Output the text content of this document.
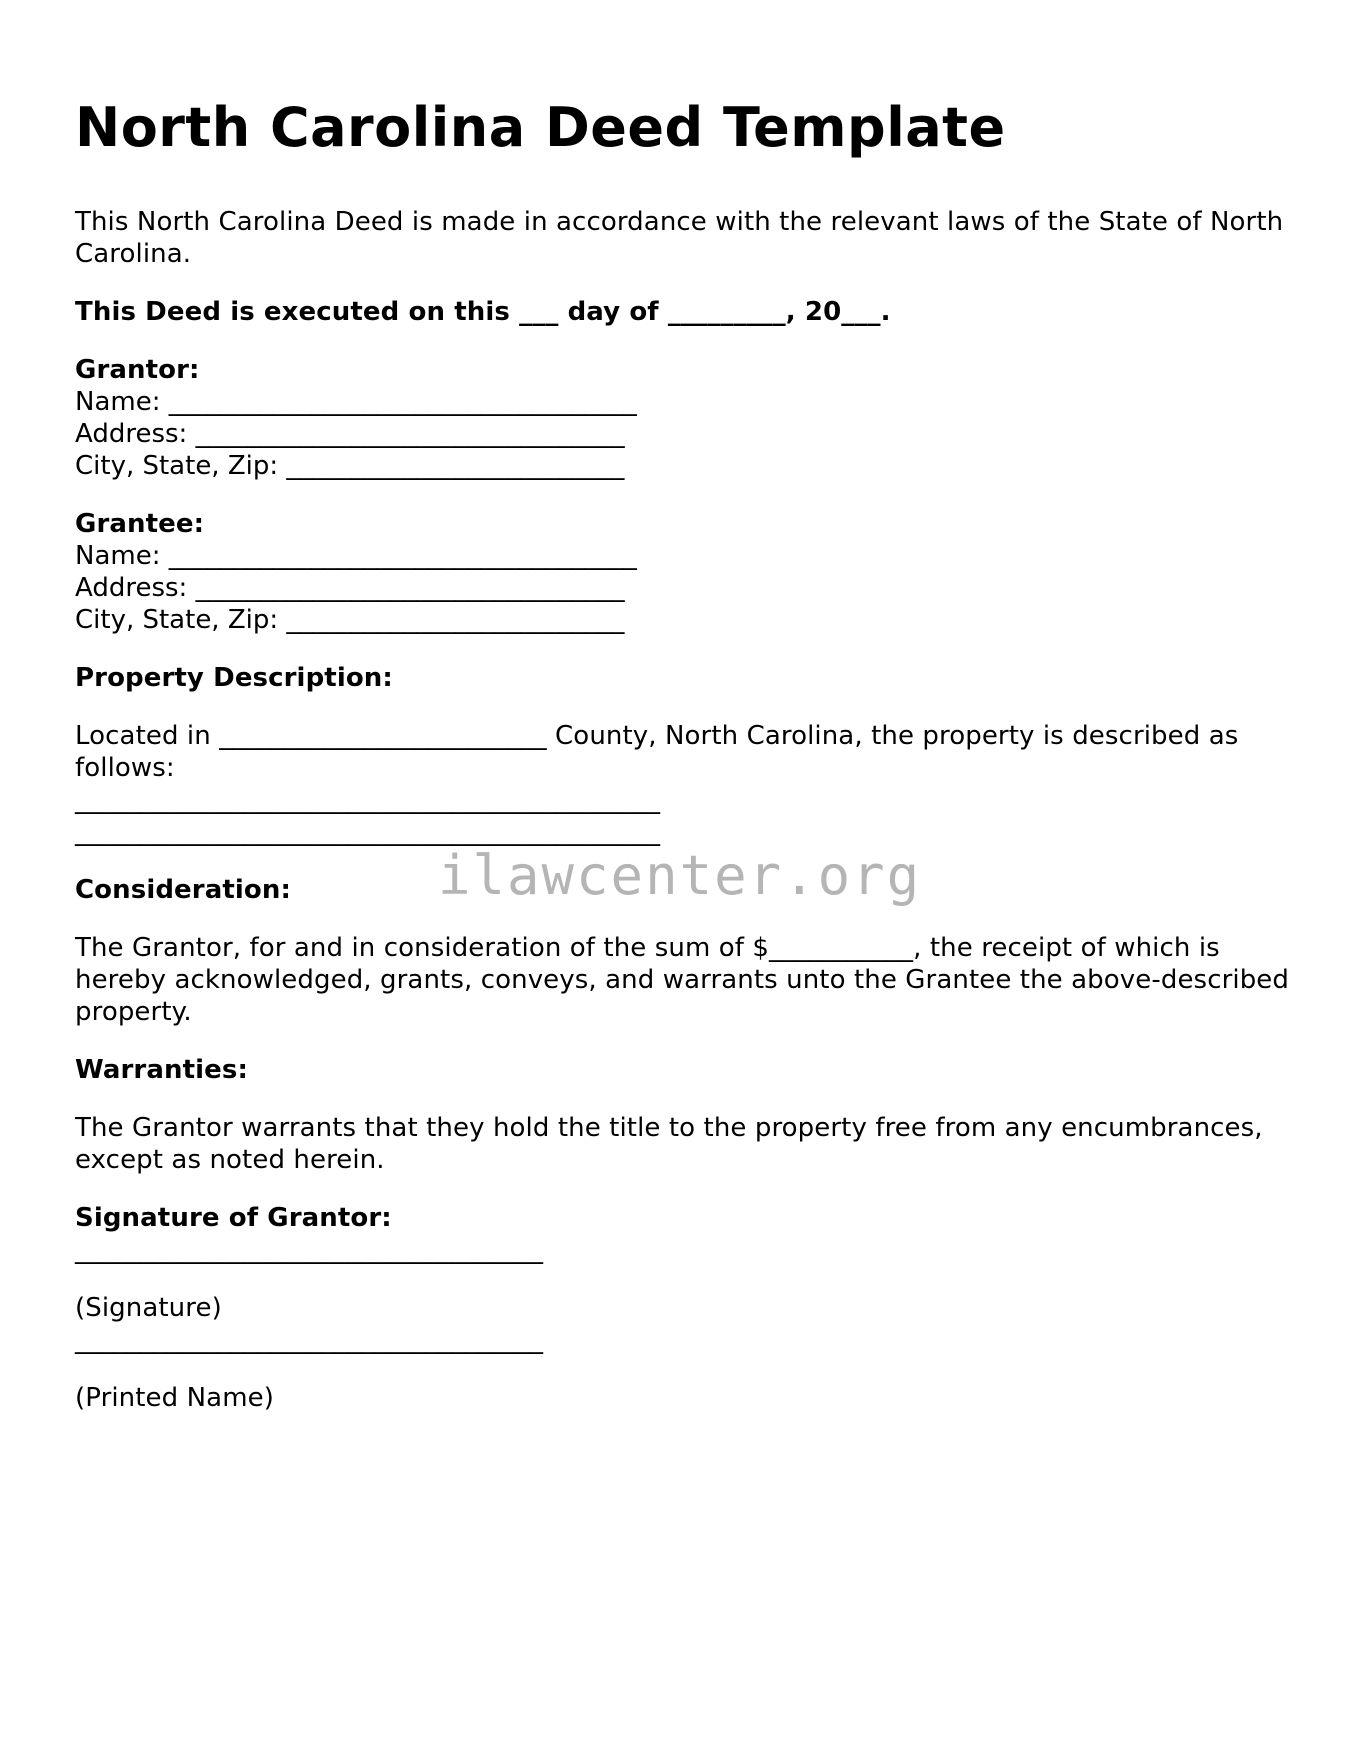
North Carolina Deed Template

This North Carolina Deed is made in accordance with the relevant laws of the State of North Carolina.

This Deed is executed on this ___ day of _________, 20___.

Grantor:

Name: ____________________________________

Address: _________________________________

City, State, Zip: __________________________

Grantee:

Name: ____________________________________

Address: _________________________________

City, State, Zip: __________________________

Property Description:

Located in _________________________ County, North Carolina, the property is described as follows:

_____________________________________________

_____________________________________________

Consideration:

The Grantor, for and in consideration of the sum of $___________, the receipt of which is hereby acknowledged, grants, conveys, and warrants unto the Grantee the above-described property.

Warranties:

The Grantor warrants that they hold the title to the property free from any encumbrances, except as noted herein.

Signature of Grantor:

____________________________________

(Signature)

____________________________________

(Printed Name)

ilawcenter.org
